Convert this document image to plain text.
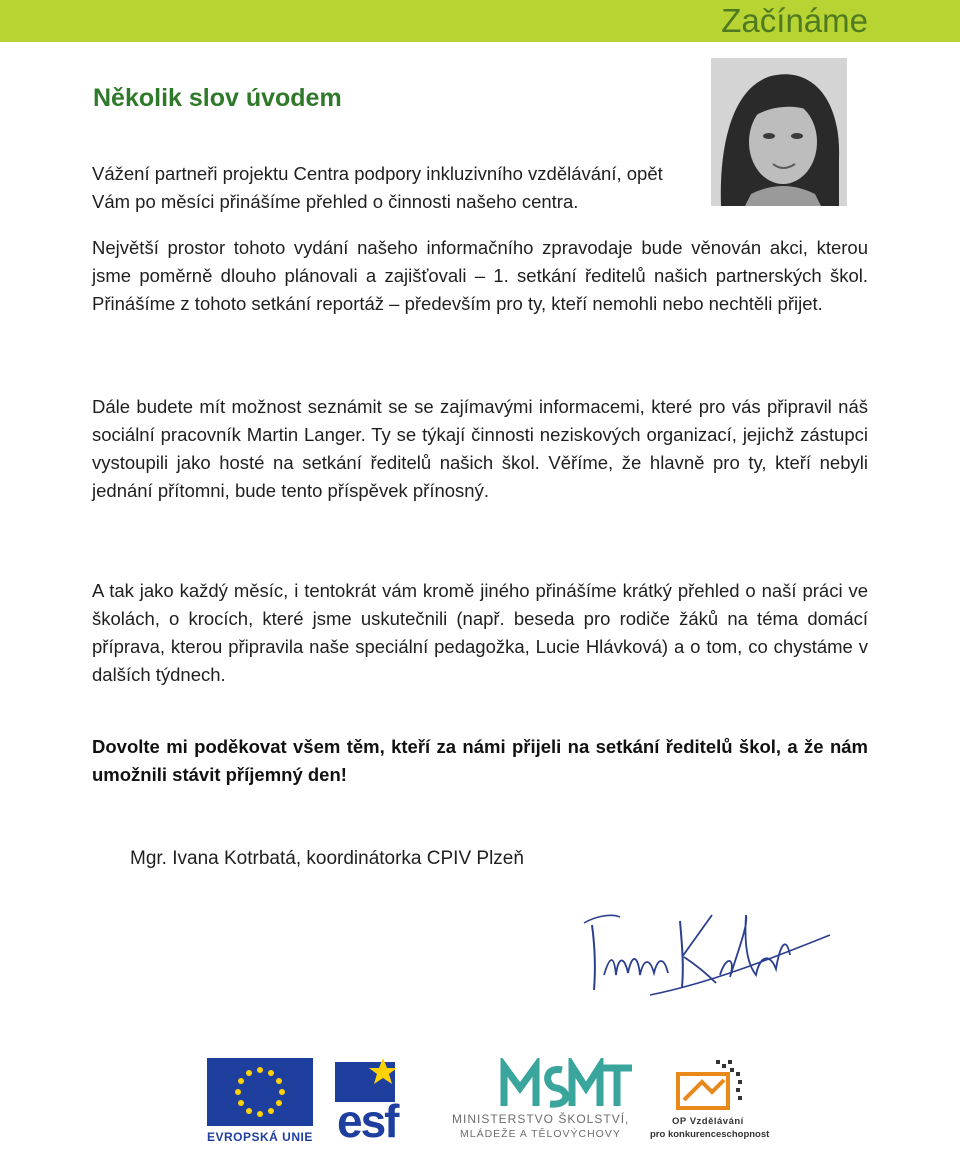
Začínáme
Několik slov úvodem
Vážení partneři projektu Centra podpory inkluzivního vzdělávání, opět Vám po měsíci přinášíme přehled o činnosti našeho centra.
Největší prostor tohoto vydání našeho informačního zpravodaje bude věnován akci, kterou jsme poměrně dlouho plánovali a zajišťovali – 1. setkání ředitelů našich partnerských škol. Přinášíme z tohoto setkání reportáž – především pro ty, kteří nemohli nebo nechtěli přijet.
Dále budete mít možnost seznámit se se zajímavými informacemi, které pro vás připravil náš sociální pracovník Martin Langer. Ty se týkají činnosti neziskových organizací, jejichž zástupci vystoupili jako hosté na setkání ředitelů našich škol. Věříme, že hlavně pro ty, kteří nebyli jednání přítomni, bude tento příspěvek přínosný.
A tak jako každý měsíc, i tentokrát vám kromě jiného přinášíme krátký přehled o naší práci ve školách, o krocích, které jsme uskutečnili (např. beseda pro rodiče žáků na téma domácí příprava, kterou připravila naše speciální pedagožka, Lucie Hlávková) a o tom, co chystáme v dalších týdnech.
Dovolte mi poděkovat všem těm, kteří za námi přijeli na setkání ředitelů škol, a že nám umožnili stávit příjemný den!
Mgr. Ivana Kotrbatá, koordinátorka CPIV Plzeň
EVROPSKÁ UNIE esf	MINISTERSTVO ŠKOLSTVÍ,
MLÁDEŽE A TĚLOVÝCHOVY
OP Vzdělávání
pro konkurenceschopnost
